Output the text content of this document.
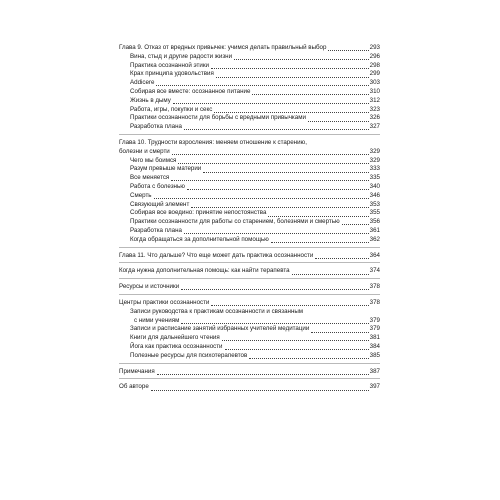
Глава 9. Отказ от вредных привычек: учимся делать правильный выбор	293
Вина, стыд и другие радости жизни	296
Практика осознанной этики	298
Крах принципа удовольствия	299
Addicere	303
Собирая все вместе: осознанное питание	310
Жизнь в дыму	312
Работа, игры, покупки и секс	323
Практики осознанности для борьбы с вредными привычками	326
Разработка плана	327
Глава 10. Трудности взросления: меняем отношение к старению,
болезни и смерти	329
Чего мы боимся	329
Разум превыше материи	333
Все меняется	335
Работа с болезнью	340
Смерть	346
Связующий элемент	353
Собирая все воедино: принятие непостоянства	355
Практики осознанности для работы со старением, болезнями и смертью	356
Разработка плана	361
Когда обращаться за дополнительной помощью	362
Глава 11. Что дальше? Что еще может дать практика осознанности	364
Когда нужна дополнительная помощь: как найти терапевта	374
Ресурсы и источники	378
Центры практики осознанности	378
Записи руководства к практикам осознанности и связанным
с ними учениям	379
Записи и расписание занятий избранных учителей медитации	379
Книги для дальнейшего чтения	381
Йога как практика осознанности	384
Полезные ресурсы для психотерапевтов	385
Примечания	387
Об авторе	397
